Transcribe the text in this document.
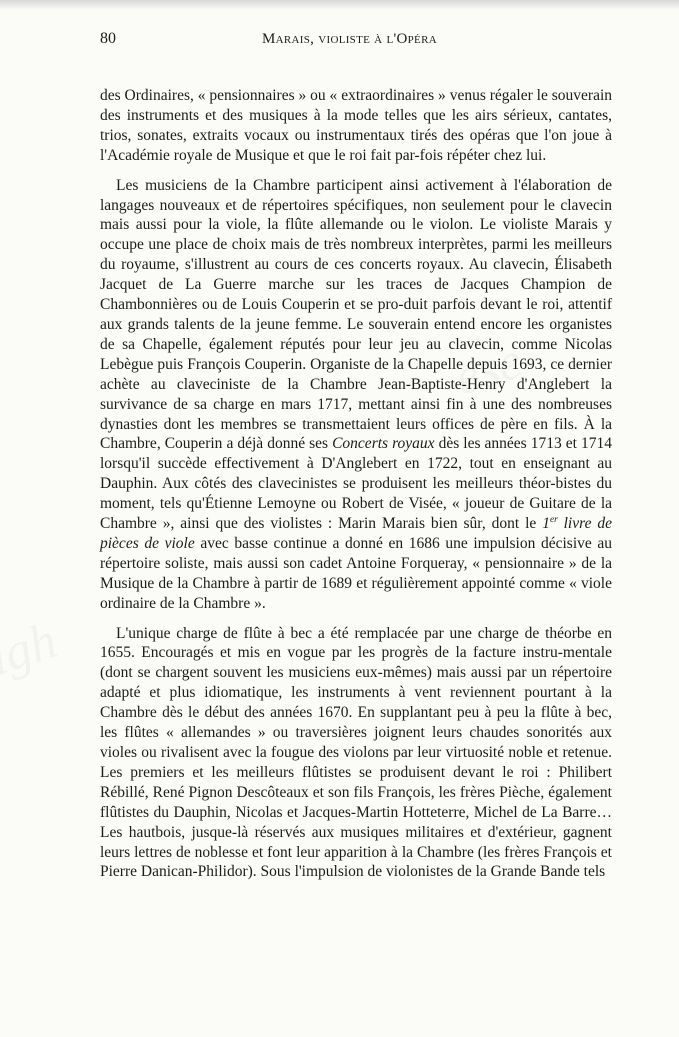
80	Marais, violiste à l'Opéra

des Ordinaires, « pensionnaires » ou « extraordinaires » venus régaler le souverain des instruments et des musiques à la mode telles que les airs sérieux, cantates, trios, sonates, extraits vocaux ou instrumentaux tirés des opéras que l'on joue à l'Académie royale de Musique et que le roi fait par-fois répéter chez lui.

Les musiciens de la Chambre participent ainsi activement à l'élaboration de langages nouveaux et de répertoires spécifiques, non seulement pour le clavecin mais aussi pour la viole, la flûte allemande ou le violon. Le violiste Marais y occupe une place de choix mais de très nombreux interprètes, parmi les meilleurs du royaume, s'illustrent au cours de ces concerts royaux. Au clavecin, Élisabeth Jacquet de La Guerre marche sur les traces de Jacques Champion de Chambonnières ou de Louis Couperin et se pro-duit parfois devant le roi, attentif aux grands talents de la jeune femme. Le souverain entend encore les organistes de sa Chapelle, également réputés pour leur jeu au clavecin, comme Nicolas Lebègue puis François Couperin. Organiste de la Chapelle depuis 1693, ce dernier achète au claveciniste de la Chambre Jean-Baptiste-Henry d'Anglebert la survivance de sa charge en mars 1717, mettant ainsi fin à une des nombreuses dynasties dont les membres se transmettaient leurs offices de père en fils. À la Chambre, Couperin a déjà donné ses Concerts royaux dès les années 1713 et 1714 lorsqu'il succède effectivement à D'Anglebert en 1722, tout en enseignant au Dauphin. Aux côtés des clavecinistes se produisent les meilleurs théor-bistes du moment, tels qu'Étienne Lemoyne ou Robert de Visée, « joueur de Guitare de la Chambre », ainsi que des violistes : Marin Marais bien sûr, dont le 1er livre de pièces de viole avec basse continue a donné en 1686 une impulsion décisive au répertoire soliste, mais aussi son cadet Antoine Forqueray, « pensionnaire » de la Musique de la Chambre à partir de 1689 et régulièrement appointé comme « viole ordinaire de la Chambre ».

L'unique charge de flûte à bec a été remplacée par une charge de théorbe en 1655. Encouragés et mis en vogue par les progrès de la facture instru-mentale (dont se chargent souvent les musiciens eux-mêmes) mais aussi par un répertoire adapté et plus idiomatique, les instruments à vent reviennent pourtant à la Chambre dès le début des années 1670. En supplantant peu à peu la flûte à bec, les flûtes « allemandes » ou traversières joignent leurs chaudes sonorités aux violes ou rivalisent avec la fougue des violons par leur virtuosité noble et retenue. Les premiers et les meilleurs flûtistes se produisent devant le roi : Philibert Rébillé, René Pignon Descôteaux et son fils François, les frères Pièche, également flûtistes du Dauphin, Nicolas et Jacques-Martin Hotteterre, Michel de La Barre… Les hautbois, jusque-là réservés aux musiques militaires et d'extérieur, gagnent leurs lettres de noblesse et font leur apparition à la Chambre (les frères François et Pierre Danican-Philidor). Sous l'impulsion de violonistes de la Grande Bande tels
